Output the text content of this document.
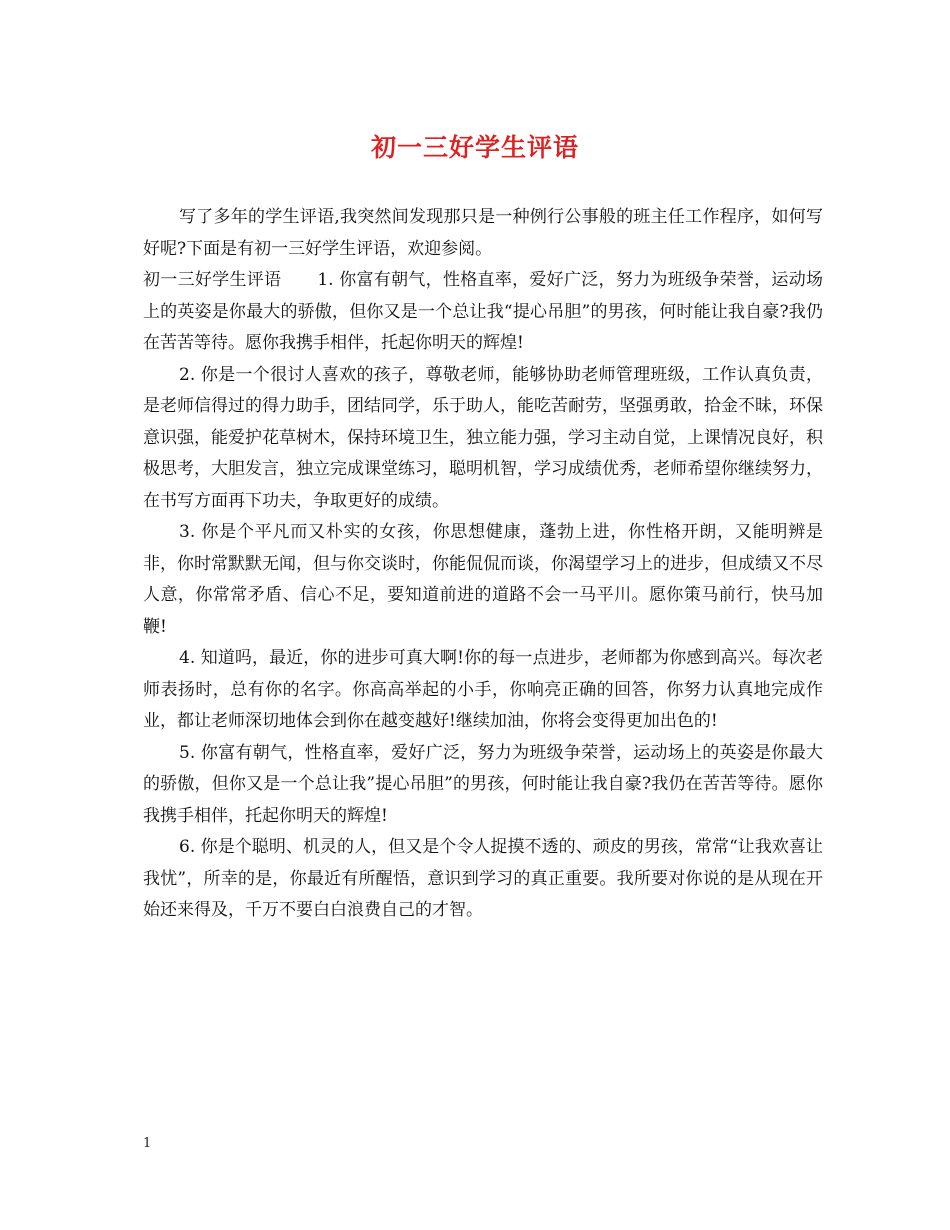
初一三好学生评语

写了多年的学生评语,我突然间发现那只是一种例行公事般的班主任工作程序，如何写好呢?下面是有初一三好学生评语，欢迎参阅。

初一三好学生评语 1. 你富有朝气，性格直率，爱好广泛，努力为班级争荣誉，运动场上的英姿是你最大的骄傲，但你又是一个总让我“提心吊胆”的男孩，何时能让我自豪?我仍在苦苦等待。愿你我携手相伴，托起你明天的辉煌!

2. 你是一个很讨人喜欢的孩子，尊敬老师，能够协助老师管理班级，工作认真负责，是老师信得过的得力助手，团结同学，乐于助人，能吃苦耐劳，坚强勇敢，拾金不昧，环保意识强，能爱护花草树木，保持环境卫生，独立能力强，学习主动自觉，上课情况良好，积极思考，大胆发言，独立完成课堂练习，聪明机智，学习成绩优秀，老师希望你继续努力，在书写方面再下功夫，争取更好的成绩。

3. 你是个平凡而又朴实的女孩，你思想健康，蓬勃上进，你性格开朗，又能明辨是非，你时常默默无闻，但与你交谈时，你能侃侃而谈，你渴望学习上的进步，但成绩又不尽人意，你常常矛盾、信心不足，要知道前进的道路不会一马平川。愿你策马前行，快马加鞭!

4. 知道吗，最近，你的进步可真大啊!你的每一点进步，老师都为你感到高兴。每次老师表扬时，总有你的名字。你高高举起的小手，你响亮正确的回答，你努力认真地完成作业，都让老师深切地体会到你在越变越好!继续加油，你将会变得更加出色的!

5. 你富有朝气，性格直率，爱好广泛，努力为班级争荣誉，运动场上的英姿是你最大的骄傲，但你又是一个总让我”提心吊胆”的男孩，何时能让我自豪?我仍在苦苦等待。愿你我携手相伴，托起你明天的辉煌!

6. 你是个聪明、机灵的人，但又是个令人捉摸不透的、顽皮的男孩，常常“让我欢喜让我忧”，所幸的是，你最近有所醒悟，意识到学习的真正重要。我所要对你说的是从现在开始还来得及，千万不要白白浪费自己的才智。

1
